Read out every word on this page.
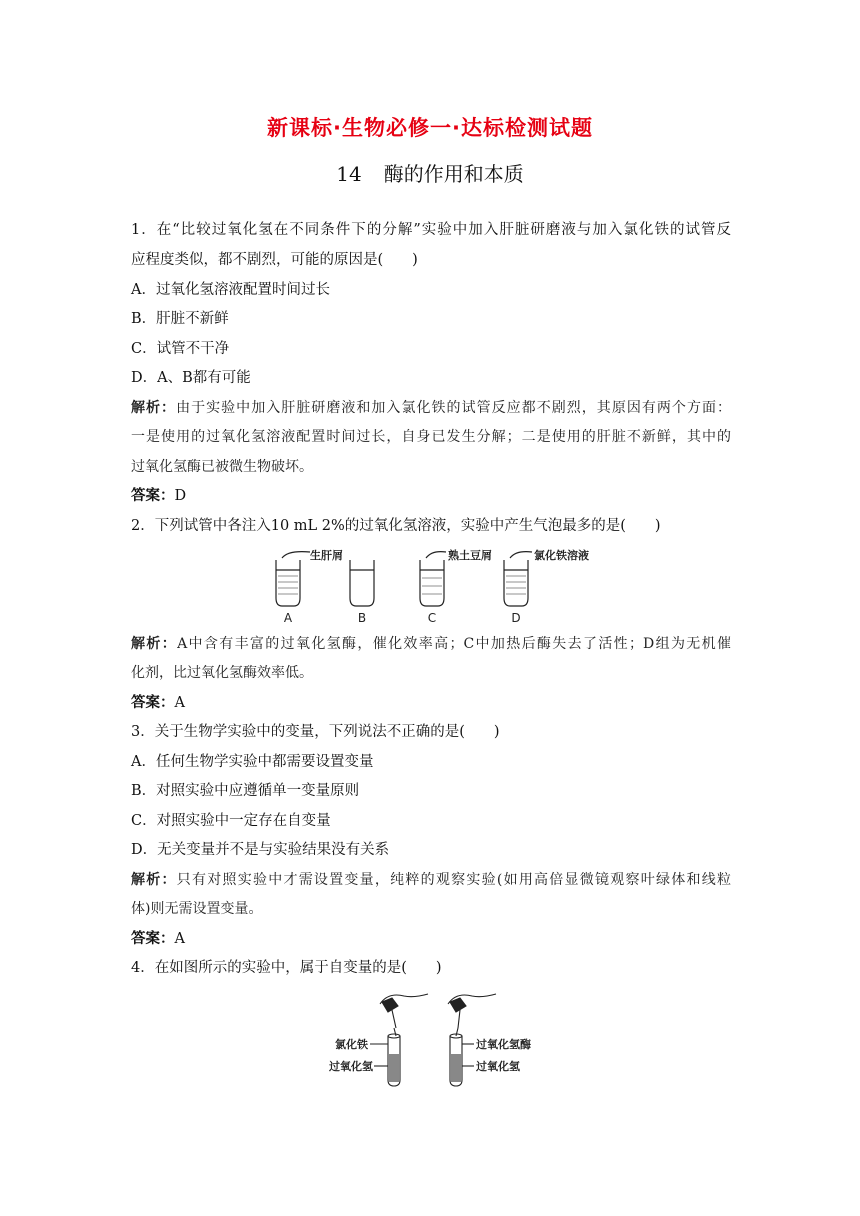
新课标·生物必修一·达标检测试题
14 酶的作用和本质
1．在“比较过氧化氢在不同条件下的分解”实验中加入肝脏研磨液与加入氯化铁的试管反
应程度类似，都不剧烈，可能的原因是(　　)
A．过氧化氢溶液配置时间过长
B．肝脏不新鲜
C．试管不干净
D．A、B都有可能
解析：由于实验中加入肝脏研磨液和加入氯化铁的试管反应都不剧烈，其原因有两个方面：
一是使用的过氧化氢溶液配置时间过长，自身已发生分解；二是使用的肝脏不新鲜，其中的
过氧化氢酶已被微生物破坏。
答案：D
2．下列试管中各注入10 mL 2%的过氧化氢溶液，实验中产生气泡最多的是(　　)
生肝屑	熟土豆屑	氯化铁溶液
A	B	C	D
解析：A中含有丰富的过氧化氢酶，催化效率高；C中加热后酶失去了活性；D组为无机催
化剂，比过氧化氢酶效率低。
答案：A
3．关于生物学实验中的变量，下列说法不正确的是(　　)
A．任何生物学实验中都需要设置变量
B．对照实验中应遵循单一变量原则
C．对照实验中一定存在自变量
D．无关变量并不是与实验结果没有关系
解析：只有对照实验中才需设置变量，纯粹的观察实验(如用高倍显微镜观察叶绿体和线粒
体)则无需设置变量。
答案：A
4．在如图所示的实验中，属于自变量的是(　　)
氯化铁
过氧化氢
过氧化氢酶
过氧化氢
